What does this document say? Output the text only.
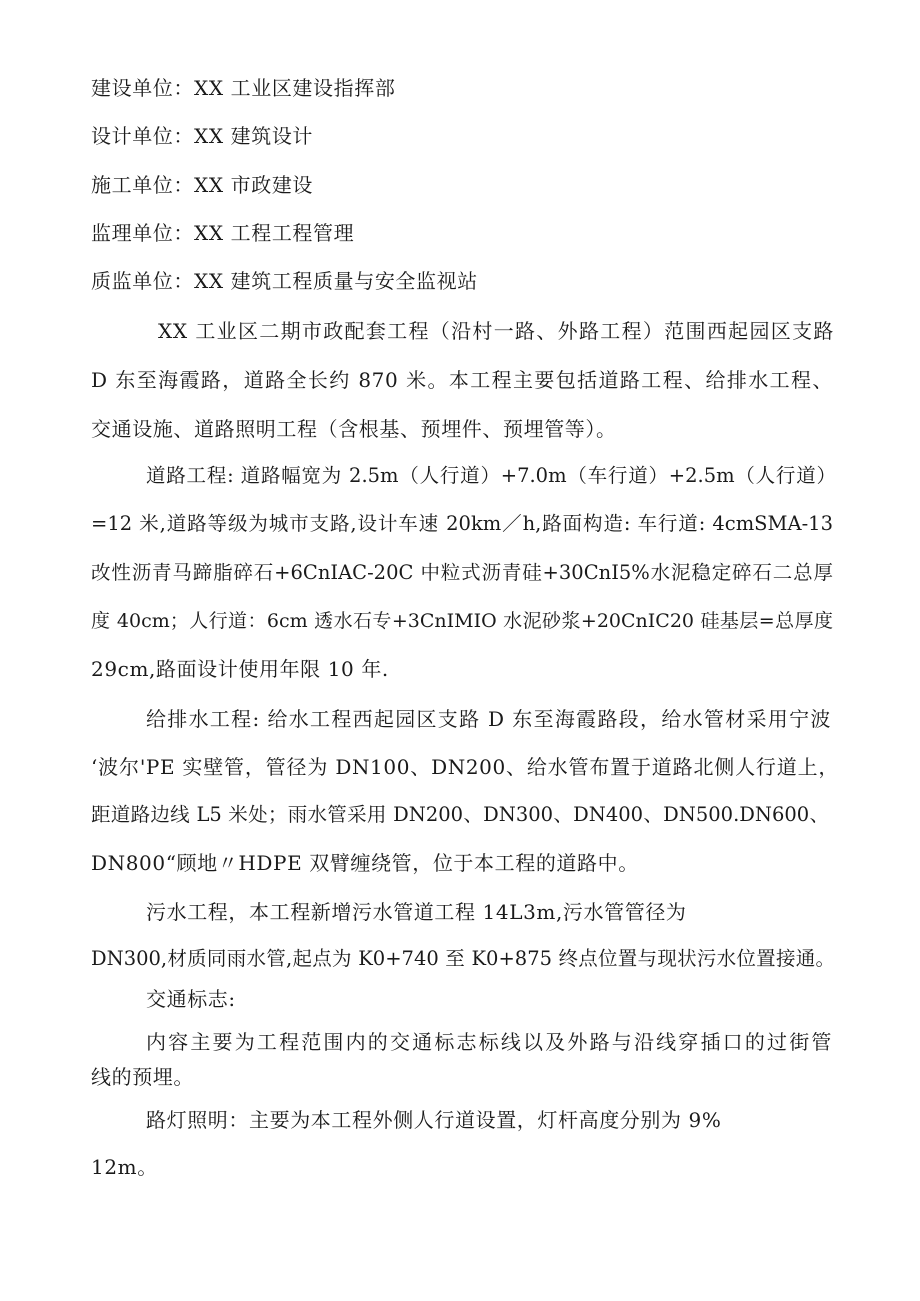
建设单位：XX 工业区建设指挥部
设计单位：XX 建筑设计
施工单位：XX 市政建设
监理单位：XX 工程工程管理
质监单位：XX 建筑工程质量与安全监视站
XX 工业区二期市政配套工程（沿村一路、外路工程）范围西起园区支路
D 东至海霞路，道路全长约 870 米。本工程主要包括道路工程、给排水工程、
交通设施、道路照明工程（含根基、预埋件、预埋管等）。
道路工程: 道路幅宽为 2.5m（人行道）+7.0m（车行道）+2.5m（人行道）
=12 米,道路等级为城市支路,设计车速 20km／h,路面构造: 车行道: 4cmSMA-13
改性沥青马蹄脂碎石+6CnIAC-20C 中粒式沥青硅+30CnI5%水泥稳定碎石二总厚
度 40cm；人行道：6cm 透水石专+3CnIMIO 水泥砂浆+20CnIC20 硅基层=总厚度
29cm,路面设计使用年限 10 年.
给排水工程: 给水工程西起园区支路 D 东至海霞路段，给水管材采用宁波
‘波尔'PE 实壁管，管径为 DN100、DN200、给水管布置于道路北侧人行道上，
距道路边线 L5 米处；雨水管采用 DN200、DN300、DN400、DN500.DN600、
DN800“顾地〃HDPE 双臂缠绕管，位于本工程的道路中。
污水工程，本工程新增污水管道工程 14L3m,污水管管径为
DN300,材质同雨水管,起点为 K0+740 至 K0+875 终点位置与现状污水位置接通。
交通标志:
内容主要为工程范围内的交通标志标线以及外路与沿线穿插口的过街管
线的预埋。
路灯照明：主要为本工程外侧人行道设置，灯杆高度分别为 9%
12m。
